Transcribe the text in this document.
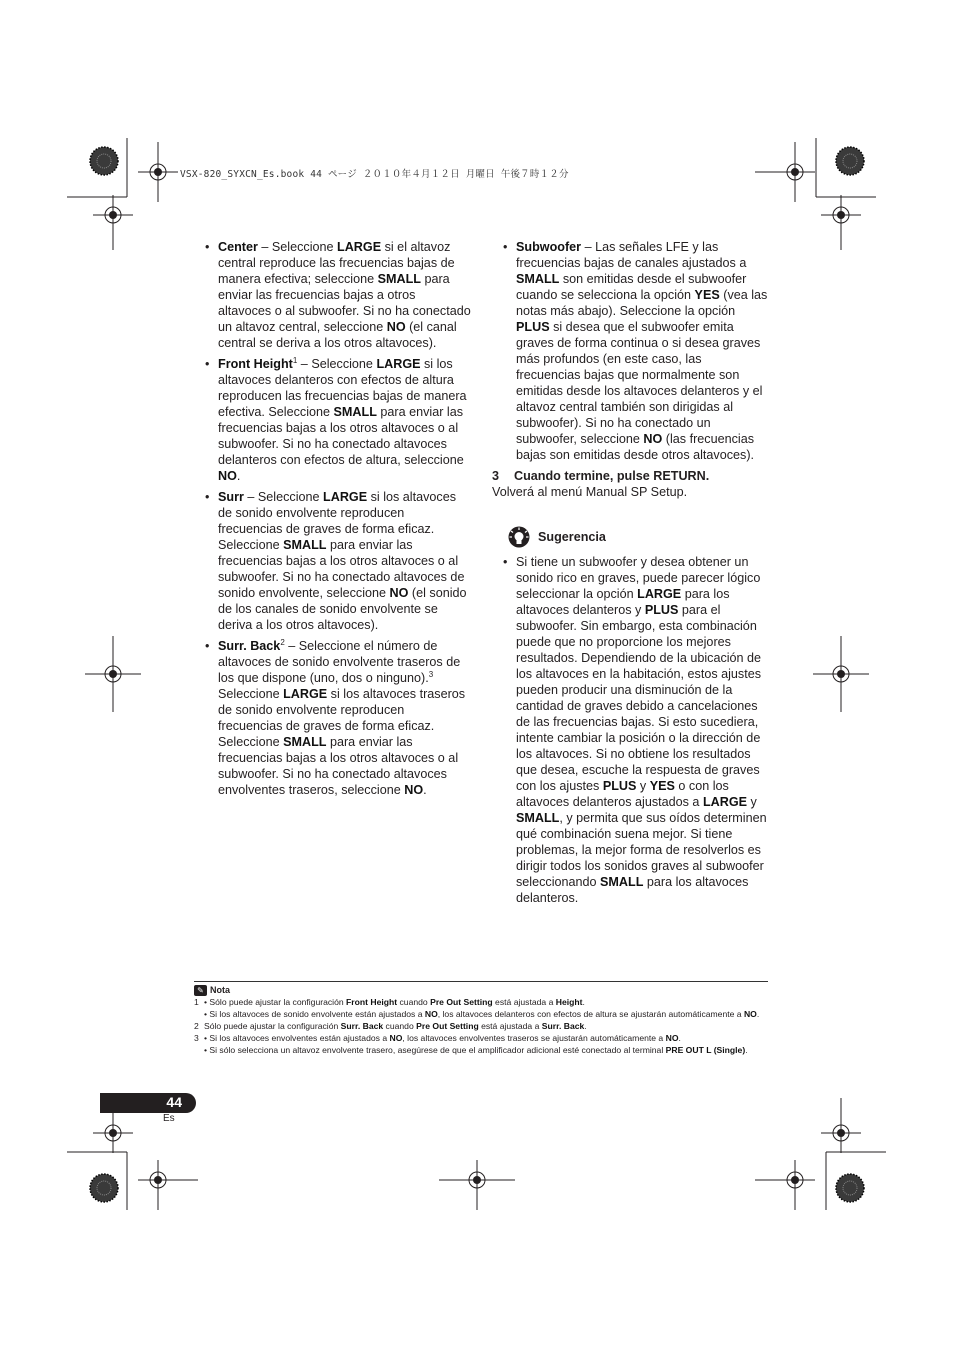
VSX-820_SYXCN_Es.book 44 ページ ２０１０年４月１２日 月曜日 午後７時１２分
• Center – Seleccione LARGE si el altavoz central reproduce las frecuencias bajas de manera efectiva; seleccione SMALL para enviar las frecuencias bajas a otros altavoces o al subwoofer. Si no ha conectado un altavoz central, seleccione NO (el canal central se deriva a los otros altavoces).
• Front Height$^1$ – Seleccione LARGE si los altavoces delanteros con efectos de altura reproducen las frecuencias bajas de manera efectiva. Seleccione SMALL para enviar las frecuencias bajas a los otros altavoces o al subwoofer. Si no ha conectado altavoces delanteros con efectos de altura, seleccione NO.
• Surr – Seleccione LARGE si los altavoces de sonido envolvente reproducen frecuencias de graves de forma eficaz. Seleccione SMALL para enviar las frecuencias bajas a los otros altavoces o al subwoofer. Si no ha conectado altavoces de sonido envolvente, seleccione NO (el sonido de los canales de sonido envolvente se deriva a los otros altavoces).
• Surr. Back$^2$ – Seleccione el número de altavoces de sonido envolvente traseros de los que dispone (uno, dos o ninguno).$^3$ Seleccione LARGE si los altavoces traseros de sonido envolvente reproducen frecuencias de graves de forma eficaz. Seleccione SMALL para enviar las frecuencias bajas a los otros altavoces o al subwoofer. Si no ha conectado altavoces envolventes traseros, seleccione NO.
• Subwoofer – Las señales LFE y las frecuencias bajas de canales ajustados a SMALL son emitidas desde el subwoofer cuando se selecciona la opción YES (vea las notas más abajo). Seleccione la opción PLUS si desea que el subwoofer emita graves de forma continua o si desea graves más profundos (en este caso, las frecuencias bajas que normalmente son emitidas desde los altavoces delanteros y el altavoz central también son dirigidas al subwoofer). Si no ha conectado un subwoofer, seleccione NO (las frecuencias bajas son emitidas desde otros altavoces).
3 Cuando termine, pulse RETURN.
Volverá al menú Manual SP Setup.
Sugerencia
• Si tiene un subwoofer y desea obtener un sonido rico en graves, puede parecer lógico seleccionar la opción LARGE para los altavoces delanteros y PLUS para el subwoofer. Sin embargo, esta combinación puede que no proporcione los mejores resultados. Dependiendo de la ubicación de los altavoces en la habitación, estos ajustes pueden producir una disminución de la cantidad de graves debido a cancelaciones de las frecuencias bajas. Si esto sucediera, intente cambiar la posición o la dirección de los altavoces. Si no obtiene los resultados que desea, escuche la respuesta de graves con los ajustes PLUS y YES o con los altavoces delanteros ajustados a LARGE y SMALL, y permita que sus oídos determinen qué combinación suena mejor. Si tiene problemas, la mejor forma de resolverlos es dirigir todos los sonidos graves al subwoofer seleccionando SMALL para los altavoces delanteros.
✎ Nota
1 • Sólo puede ajustar la configuración Front Height cuando Pre Out Setting está ajustada a Height.
• Si los altavoces de sonido envolvente están ajustados a NO, los altavoces delanteros con efectos de altura se ajustarán automáticamente a NO.
2 Sólo puede ajustar la configuración Surr. Back cuando Pre Out Setting está ajustada a Surr. Back.
3 • Si los altavoces envolventes están ajustados a NO, los altavoces envolventes traseros se ajustarán automáticamente a NO.
• Si sólo selecciona un altavoz envolvente trasero, asegúrese de que el amplificador adicional esté conectado al terminal PRE OUT L (Single).
44
Es
